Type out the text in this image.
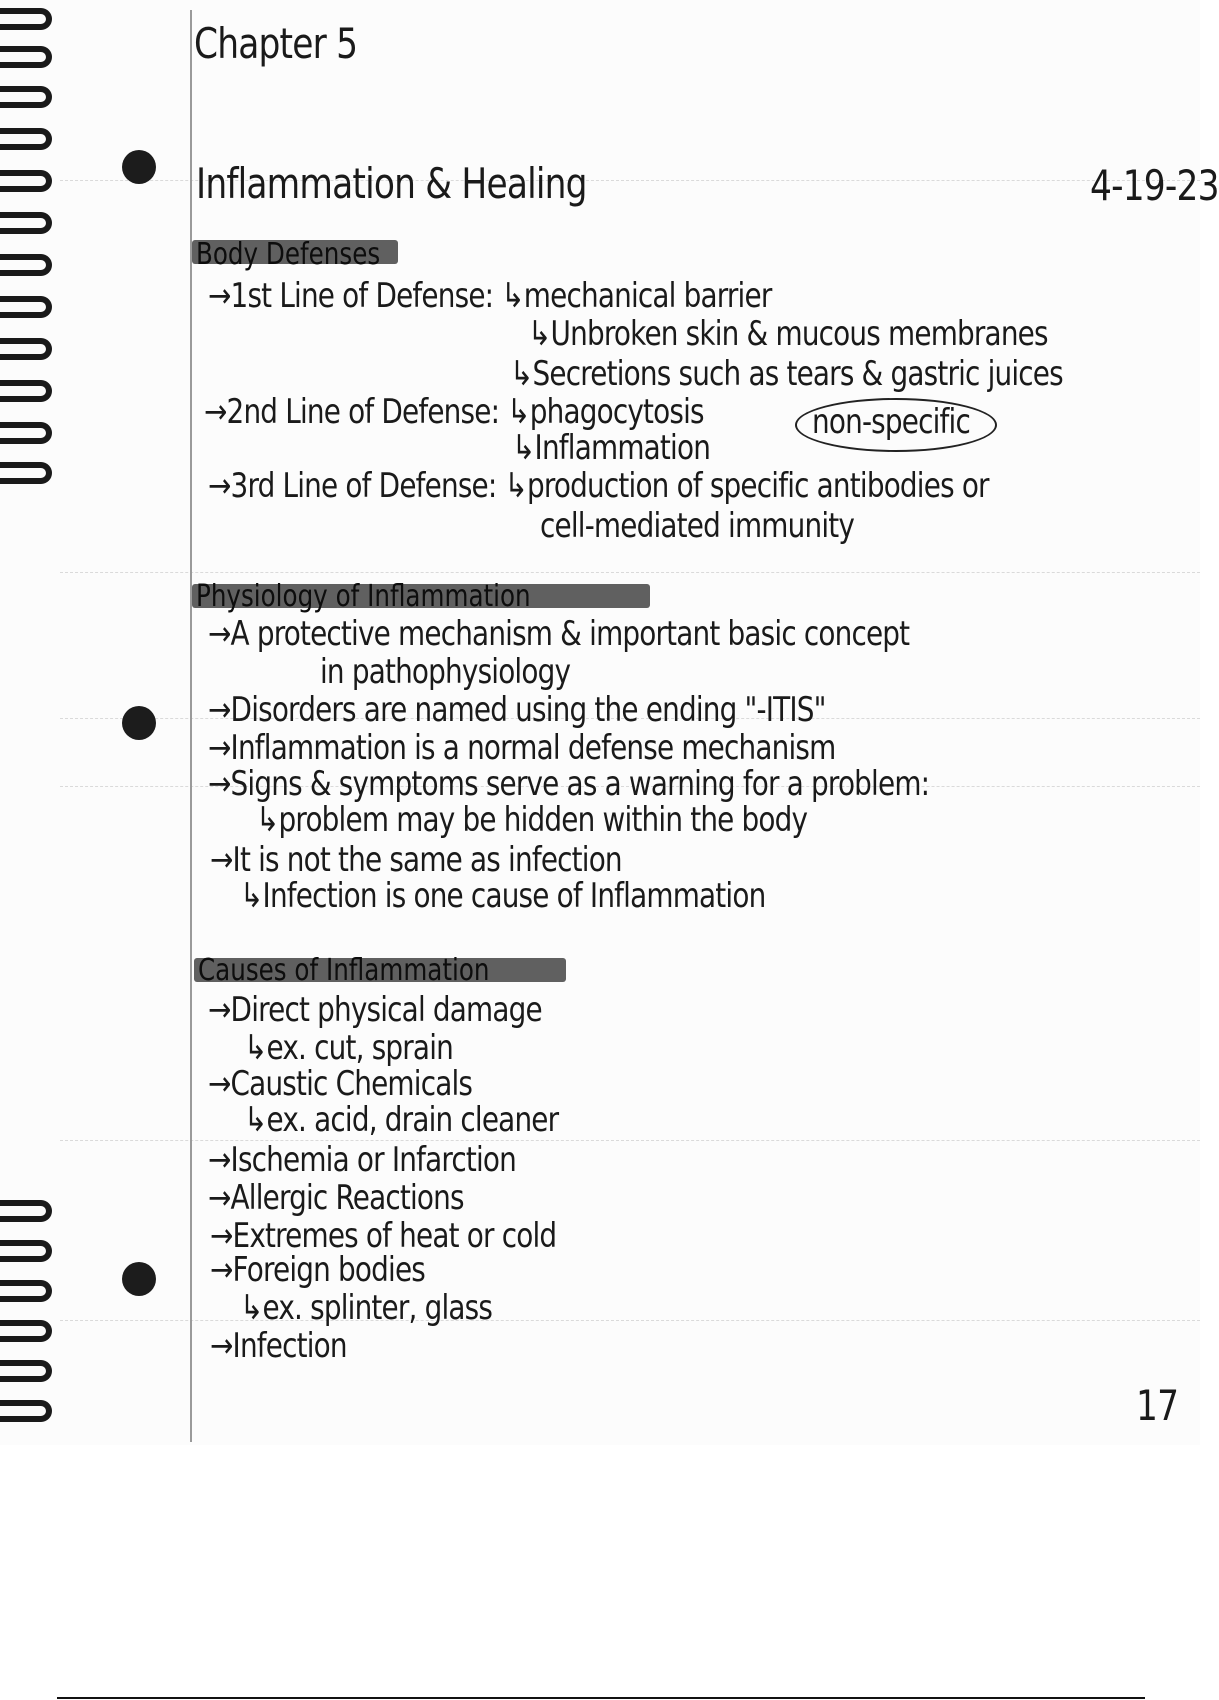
Chapter 5
Inflammation & Healing	4-19-23
Body Defenses
→1st Line of Defense: ↳mechanical barrier
↳Unbroken skin & mucous membranes
↳Secretions such as tears & gastric juices
→2nd Line of Defense: ↳phagocytosis	non-specific
↳Inflammation
→3rd Line of Defense: ↳production of specific antibodies or
cell-mediated immunity
Physiology of Inflammation
→A protective mechanism & important basic concept
in pathophysiology
→Disorders are named using the ending "-ITIS"
→Inflammation is a normal defense mechanism
→Signs & symptoms serve as a warning for a problem:
↳problem may be hidden within the body
→It is not the same as infection
↳Infection is one cause of Inflammation
Causes of Inflammation
→Direct physical damage
↳ex. cut, sprain
→Caustic Chemicals
↳ex. acid, drain cleaner
→Ischemia or Infarction
→Allergic Reactions
→Extremes of heat or cold
→Foreign bodies
↳ex. splinter, glass
→Infection
17
